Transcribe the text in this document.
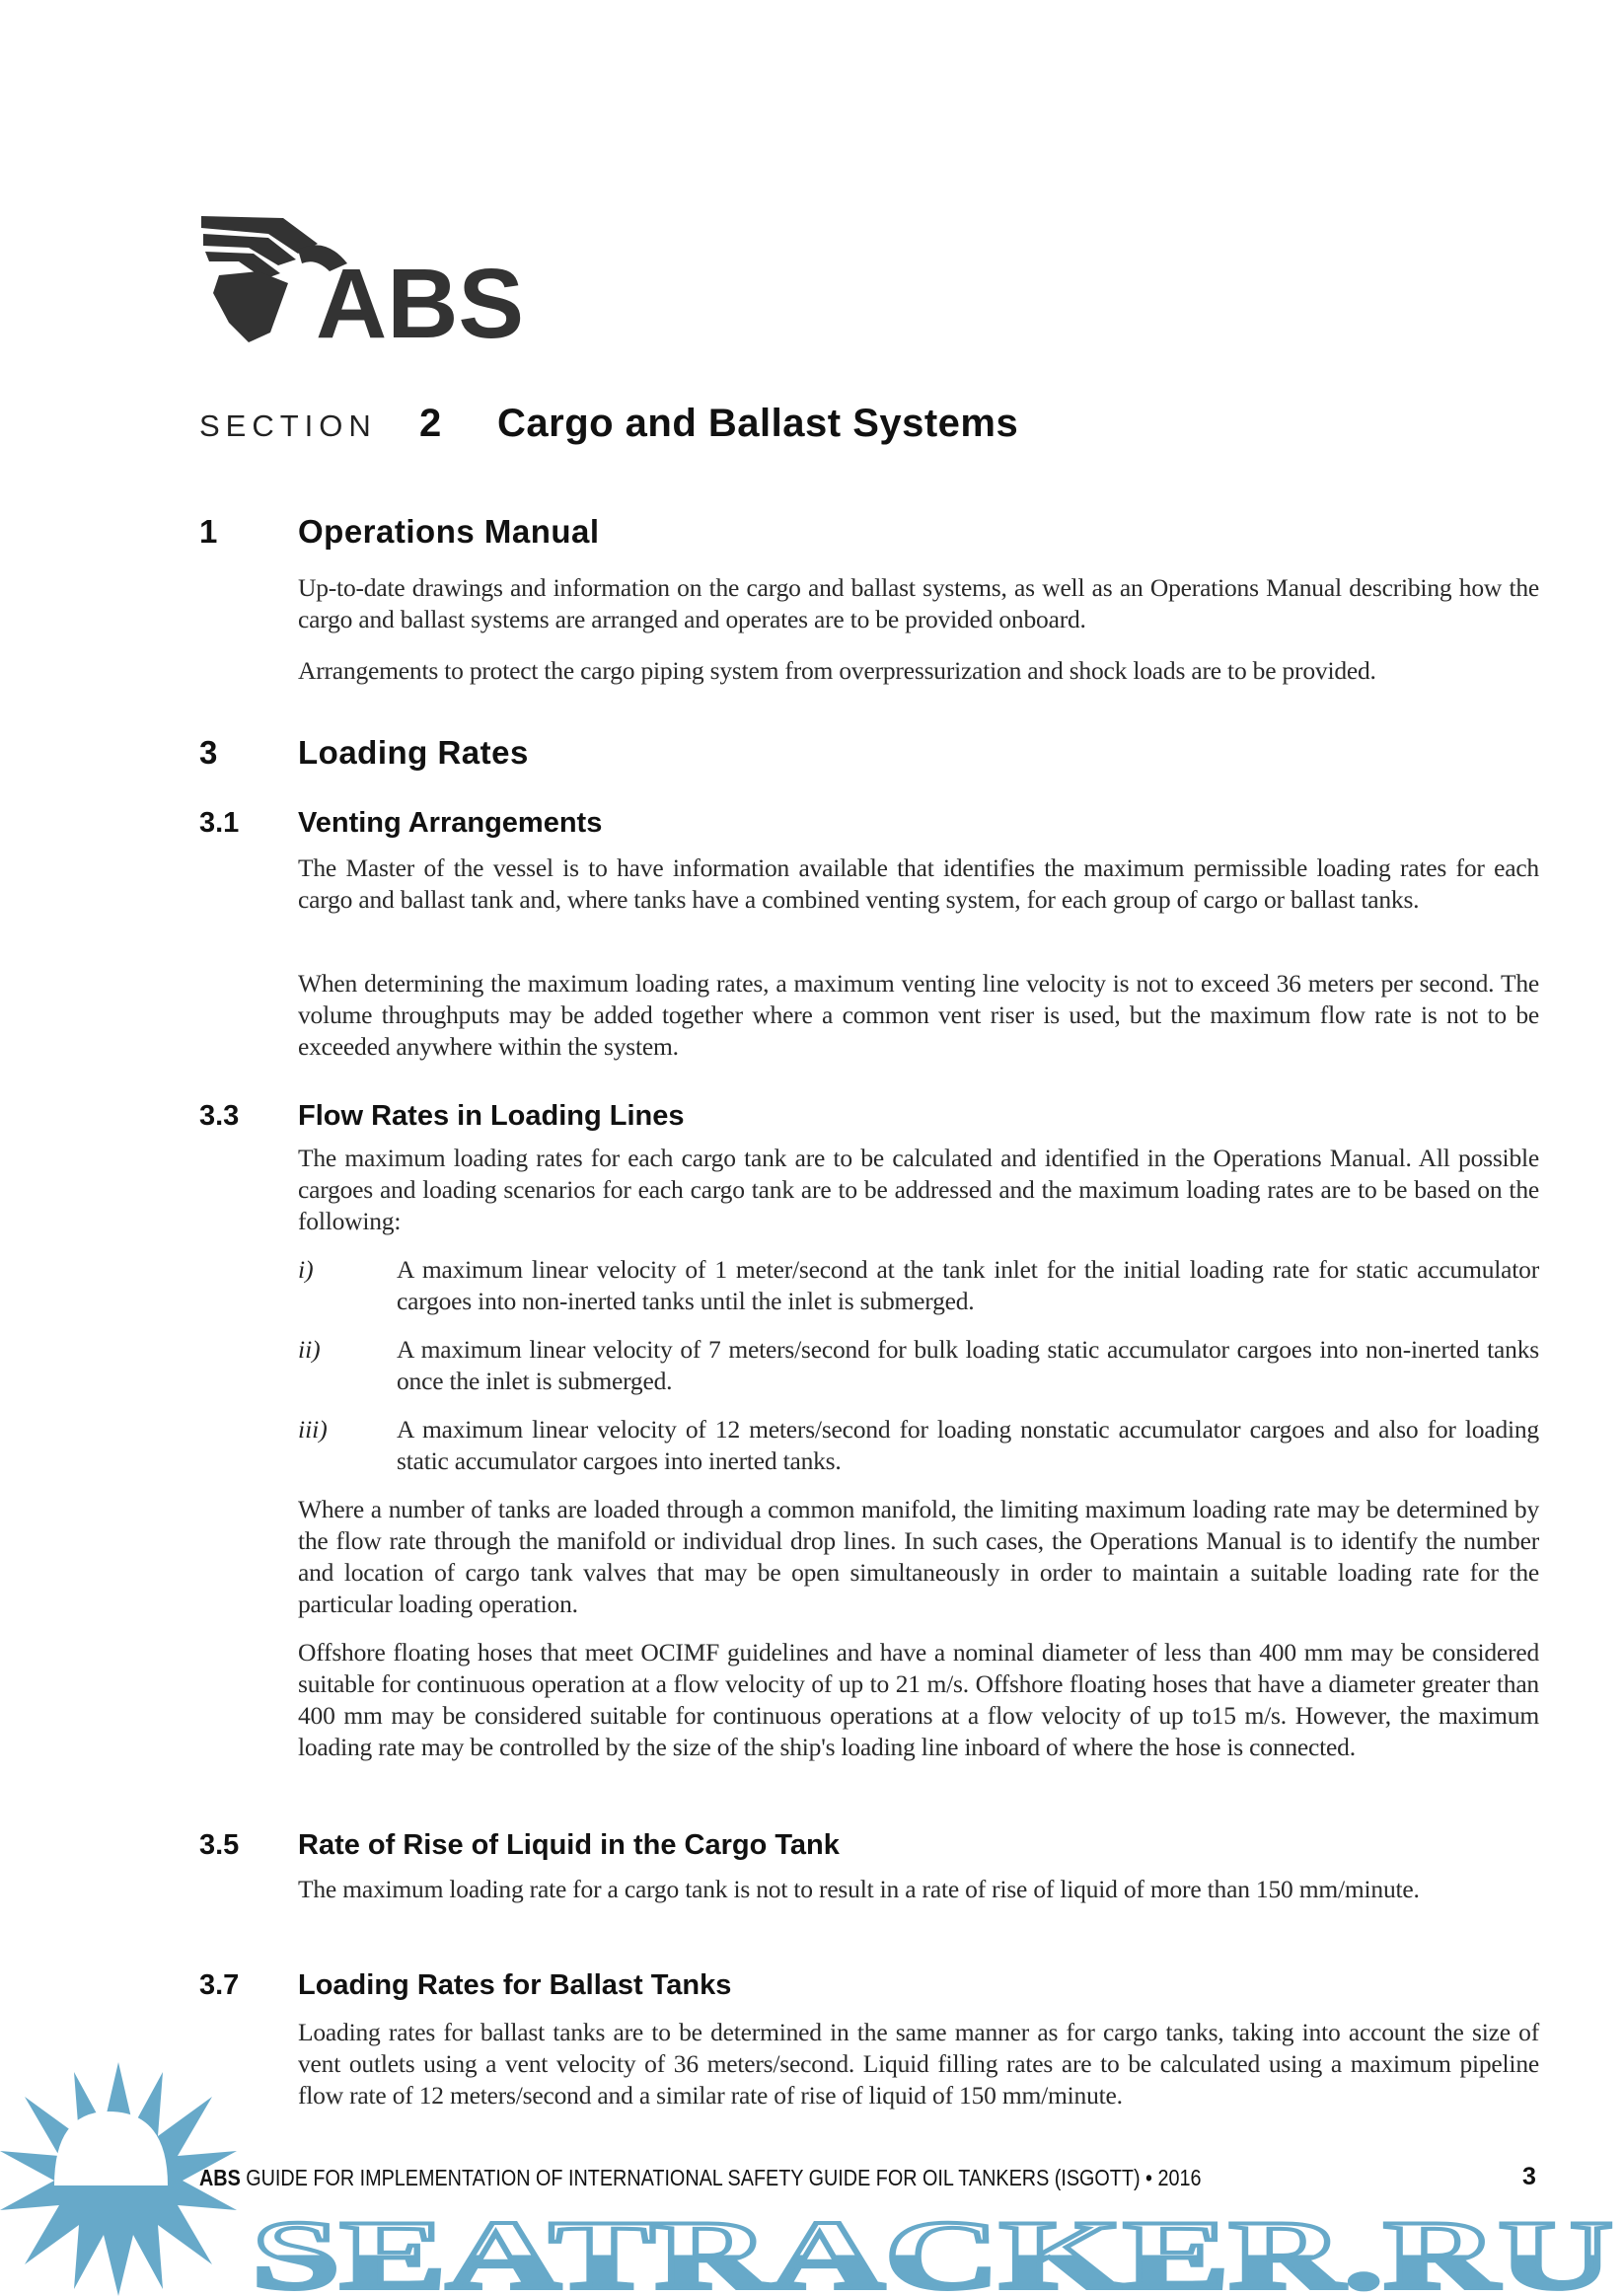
ABS
SECTION 2 Cargo and Ballast Systems
1 Operations Manual
Up-to-date drawings and information on the cargo and ballast systems, as well as an Operations Manual describing how the cargo and ballast systems are arranged and operates are to be provided onboard.
Arrangements to protect the cargo piping system from overpressurization and shock loads are to be provided.
3 Loading Rates
3.1 Venting Arrangements
The Master of the vessel is to have information available that identifies the maximum permissible loading rates for each cargo and ballast tank and, where tanks have a combined venting system, for each group of cargo or ballast tanks.
When determining the maximum loading rates, a maximum venting line velocity is not to exceed 36 meters per second. The volume throughputs may be added together where a common vent riser is used, but the maximum flow rate is not to be exceeded anywhere within the system.
3.3 Flow Rates in Loading Lines
The maximum loading rates for each cargo tank are to be calculated and identified in the Operations Manual. All possible cargoes and loading scenarios for each cargo tank are to be addressed and the maximum loading rates are to be based on the following:
i)	A maximum linear velocity of 1 meter/second at the tank inlet for the initial loading rate for static accumulator cargoes into non-inerted tanks until the inlet is submerged.
ii)	A maximum linear velocity of 7 meters/second for bulk loading static accumulator cargoes into non-inerted tanks once the inlet is submerged.
iii)	A maximum linear velocity of 12 meters/second for loading nonstatic accumulator cargoes and also for loading static accumulator cargoes into inerted tanks.
Where a number of tanks are loaded through a common manifold, the limiting maximum loading rate may be determined by the flow rate through the manifold or individual drop lines. In such cases, the Operations Manual is to identify the number and location of cargo tank valves that may be open simultaneously in order to maintain a suitable loading rate for the particular loading operation.
Offshore floating hoses that meet OCIMF guidelines and have a nominal diameter of less than 400 mm may be considered suitable for continuous operation at a flow velocity of up to 21 m/s. Offshore floating hoses that have a diameter greater than 400 mm may be considered suitable for continuous operations at a flow velocity of up to15 m/s. However, the maximum loading rate may be controlled by the size of the ship's loading line inboard of where the hose is connected.
3.5 Rate of Rise of Liquid in the Cargo Tank
The maximum loading rate for a cargo tank is not to result in a rate of rise of liquid of more than 150 mm/minute.
3.7 Loading Rates for Ballast Tanks
Loading rates for ballast tanks are to be determined in the same manner as for cargo tanks, taking into account the size of vent outlets using a vent velocity of 36 meters/second. Liquid filling rates are to be calculated using a maximum pipeline flow rate of 12 meters/second and a similar rate of rise of liquid of 150 mm/minute.
SEATRACKER.RU
ABS GUIDE FOR IMPLEMENTATION OF INTERNATIONAL SAFETY GUIDE FOR OIL TANKERS (ISGOTT) • 2016	3
